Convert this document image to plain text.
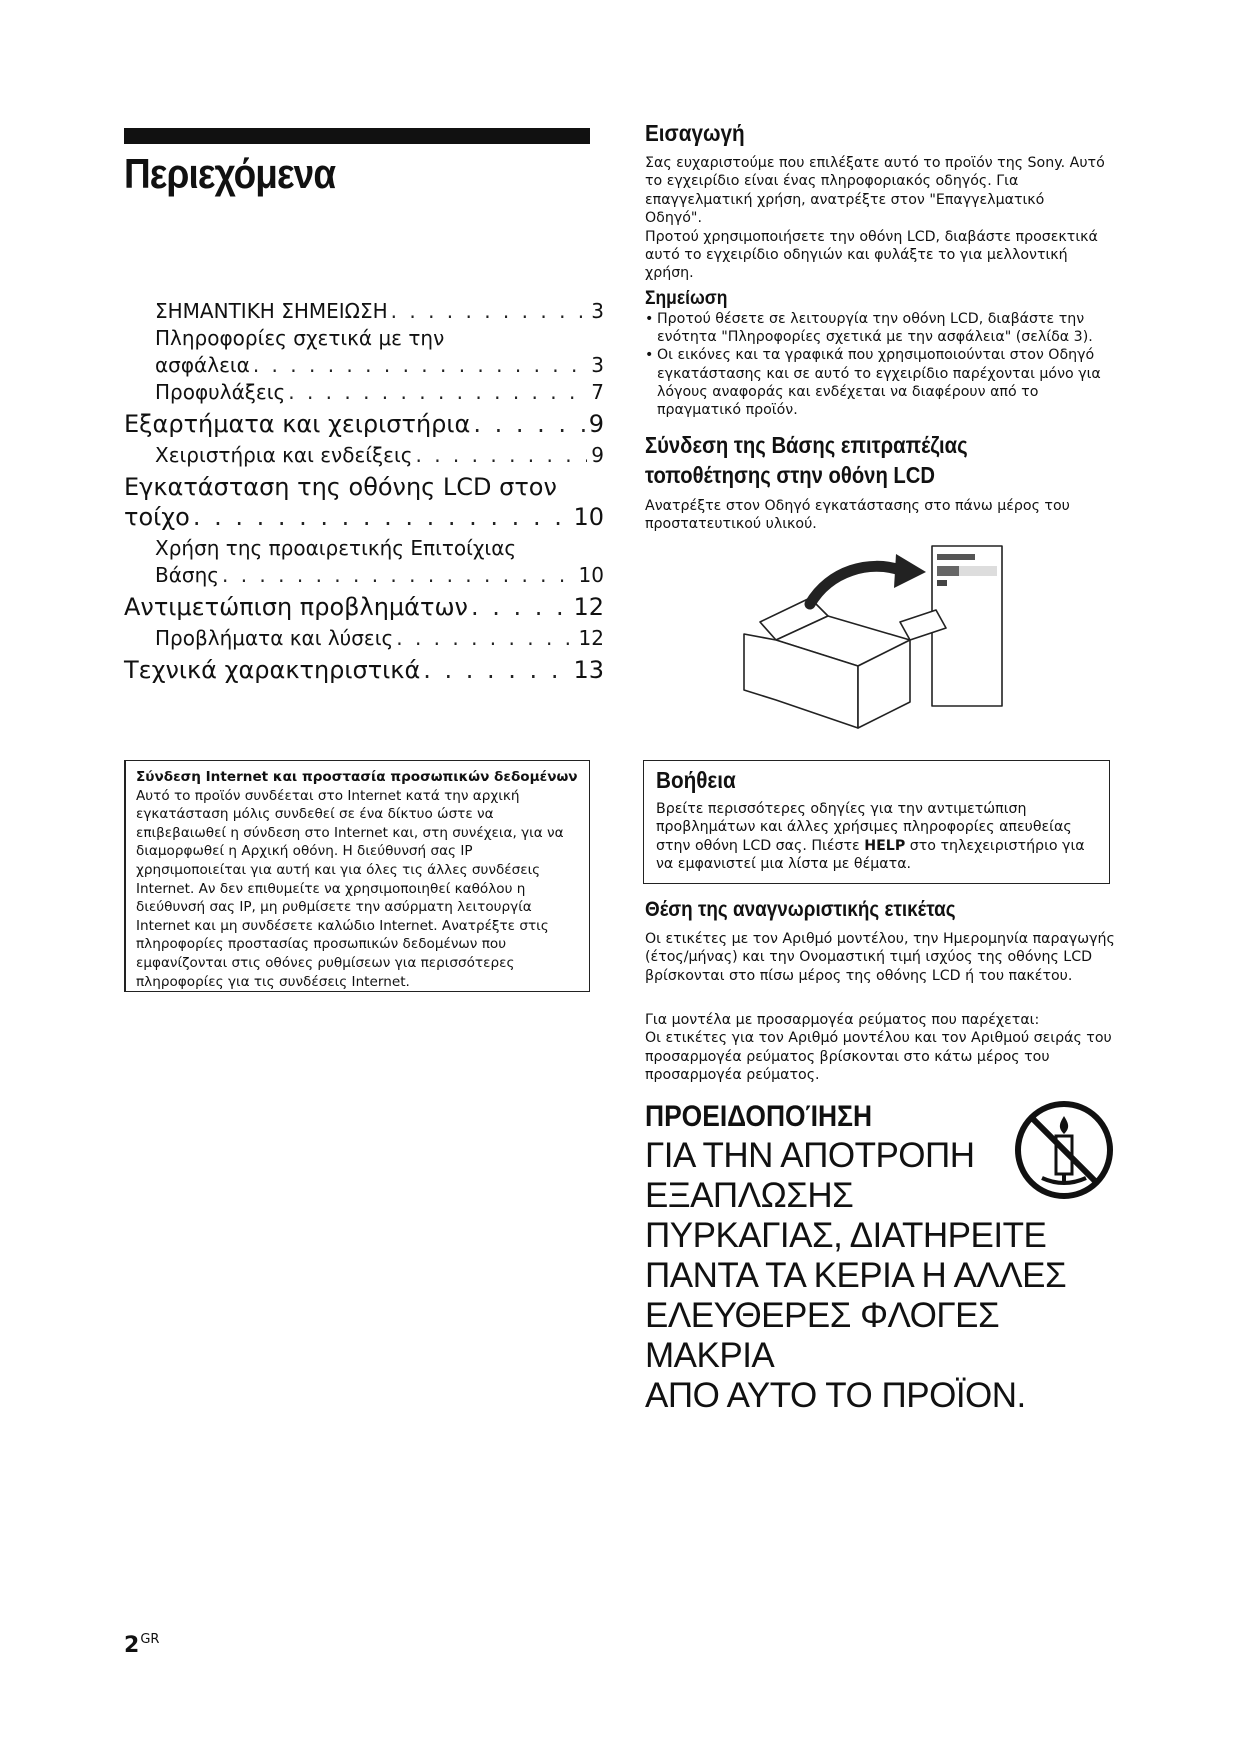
Περιεχόμενα
ΣΗΜΑΝΤΙΚΗ ΣΗΜΕΙΩΣΗ . . .	3
Πληροφορίες σχετικά με την
ασφάλεια . . .	3
Προφυλάξεις . . .	7
Εξαρτήματα και χειριστήρια . . .	9
Χειριστήρια και ενδείξεις . . .	9
Εγκατάσταση της οθόνης LCD στον
τοίχο . . .	10
Χρήση της προαιρετικής Επιτοίχιας
Βάσης . . .	10
Αντιμετώπιση προβλημάτων . . .	12
Προβλήματα και λύσεις . . .	12
Τεχνικά χαρακτηριστικά . . .	13
Σύνδεση Internet και προστασία προσωπικών δεδομένων

Αυτό το προϊόν συνδέεται στο Internet κατά την αρχική εγκατάσταση μόλις συνδεθεί σε ένα δίκτυο ώστε να επιβεβαιωθεί η σύνδεση στο Internet και, στη συνέχεια, για να διαμορφωθεί η Αρχική οθόνη. Η διεύθυνσή σας IP χρησιμοποιείται για αυτή και για όλες τις άλλες συνδέσεις Internet. Αν δεν επιθυμείτε να χρησιμοποιηθεί καθόλου η διεύθυνσή σας IP, μη ρυθμίσετε την ασύρματη λειτουργία Internet και μη συνδέσετε καλώδιο Internet. Ανατρέξτε στις πληροφορίες προστασίας προσωπικών δεδομένων που εμφανίζονται στις οθόνες ρυθμίσεων για περισσότερες πληροφορίες για τις συνδέσεις Internet.

$2^{GR}$
Εισαγωγή

Σας ευχαριστούμε που επιλέξατε αυτό το προϊόν της Sony. Αυτό το εγχειρίδιο είναι ένας πληροφοριακός οδηγός. Για επαγγελματική χρήση, ανατρέξτε στον "Επαγγελματικό Οδηγό".

Προτού χρησιμοποιήσετε την οθόνη LCD, διαβάστε προσεκτικά αυτό το εγχειρίδιο οδηγιών και φυλάξτε το για μελλοντική χρήση.

Σημείωση
• Προτού θέσετε σε λειτουργία την οθόνη LCD, διαβάστε την ενότητα "Πληροφορίες σχετικά με την ασφάλεια" (σελίδα 3).
• Οι εικόνες και τα γραφικά που χρησιμοποιούνται στον Οδηγό εγκατάστασης και σε αυτό το εγχειρίδιο παρέχονται μόνο για λόγους αναφοράς και ενδέχεται να διαφέρουν από το πραγματικό προϊόν.
Σύνδεση της Βάσης επιτραπέζιας
τοποθέτησης στην οθόνη LCD

Ανατρέξτε στον Οδηγό εγκατάστασης στο πάνω μέρος του προστατευτικού υλικού.

Βοήθεια

Βρείτε περισσότερες οδηγίες για την αντιμετώπιση προβλημάτων και άλλες χρήσιμες πληροφορίες απευθείας στην οθόνη LCD σας. Πιέστε HELP στο τηλεχειριστήριο για να εμφανιστεί μια λίστα με θέματα.

Θέση της αναγνωριστικής ετικέτας

Οι ετικέτες με τον Αριθμό μοντέλου, την Ημερομηνία παραγωγής (έτος/μήνας) και την Ονομαστική τιμή ισχύος της οθόνης LCD βρίσκονται στο πίσω μέρος της οθόνης LCD ή του πακέτου.

Για μοντέλα με προσαρμογέα ρεύματος που παρέχεται:

Οι ετικέτες για τον Αριθμό μοντέλου και τον Αριθμού σειράς του προσαρμογέα ρεύματος βρίσκονται στο κάτω μέρος του προσαρμογέα ρεύματος.

ΠΡΟΕΙΔΟΠΟΊΗΣΗ

ΓΙΑ ΤΗΝ ΑΠΟΤΡΟΠΗ
ΕΞΑΠΛΩΣΗΣ
ΠΥΡΚΑΓΙΑΣ, ΔΙΑΤΗΡΕΙΤΕ
ΠΑΝΤΑ ΤΑ ΚΕΡΙΑ Η ΑΛΛΕΣ
ΕΛΕΥΘΕΡΕΣ ΦΛΟΓΕΣ ΜΑΚΡΙΑ
ΑΠΟ ΑΥΤΟ ΤΟ ΠΡΟΪΟΝ.
